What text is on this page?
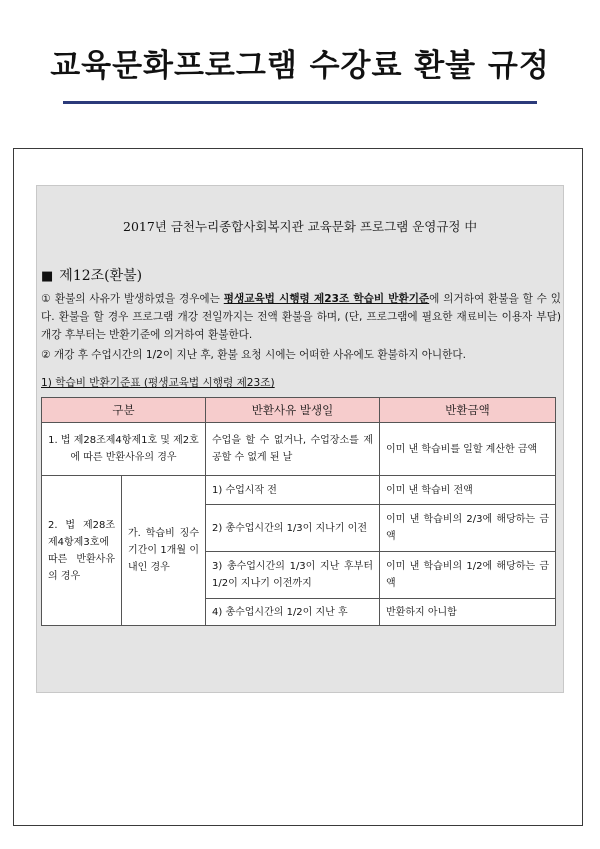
교육문화프로그램 수강료 환불 규정
2017년 금천누리종합사회복지관 교육문화 프로그램 운영규정 中
■ 제12조(환불)
① 환불의 사유가 발생하였을 경우에는 평생교육법 시행령 제23조 학습비 반환기준에 의거하여 환불을 할 수 있다. 환불을 할 경우 프로그램 개강 전일까지는 전액 환불을 하며, (단, 프로그램에 필요한 재료비는 이용자 부담) 개강 후부터는 반환기준에 의거하여 환불한다.
② 개강 후 수업시간의 1/2이 지난 후, 환불 요청 시에는 어떠한 사유에도 환불하지 아니한다.
1) 학습비 반환기준표 (평생교육법 시행령 제23조)
구분		반환사유 발생일	반환금액
1. 법 제28조제4항제1호 및 제2호에 따른 반환사유의 경우		수업을 할 수 없거나, 수업장소를 제공할 수 없게 된 날	이미 낸 학습비를 일할 계산한 금액
2. 법 제28조 제4항제3호에 따른 반환사유의 경우	가. 학습비 징수기간이 1개월 이내인 경우	1) 수업시작 전	이미 낸 학습비 전액
		2) 총수업시간의 1/3이 지나기 이전	이미 낸 학습비의 2/3에 해당하는 금액
		3) 총수업시간의 1/3이 지난 후부터 1/2이 지나기 이전까지	이미 낸 학습비의 1/2에 해당하는 금액
		4) 총수업시간의 1/2이 지난 후	반환하지 아니함
